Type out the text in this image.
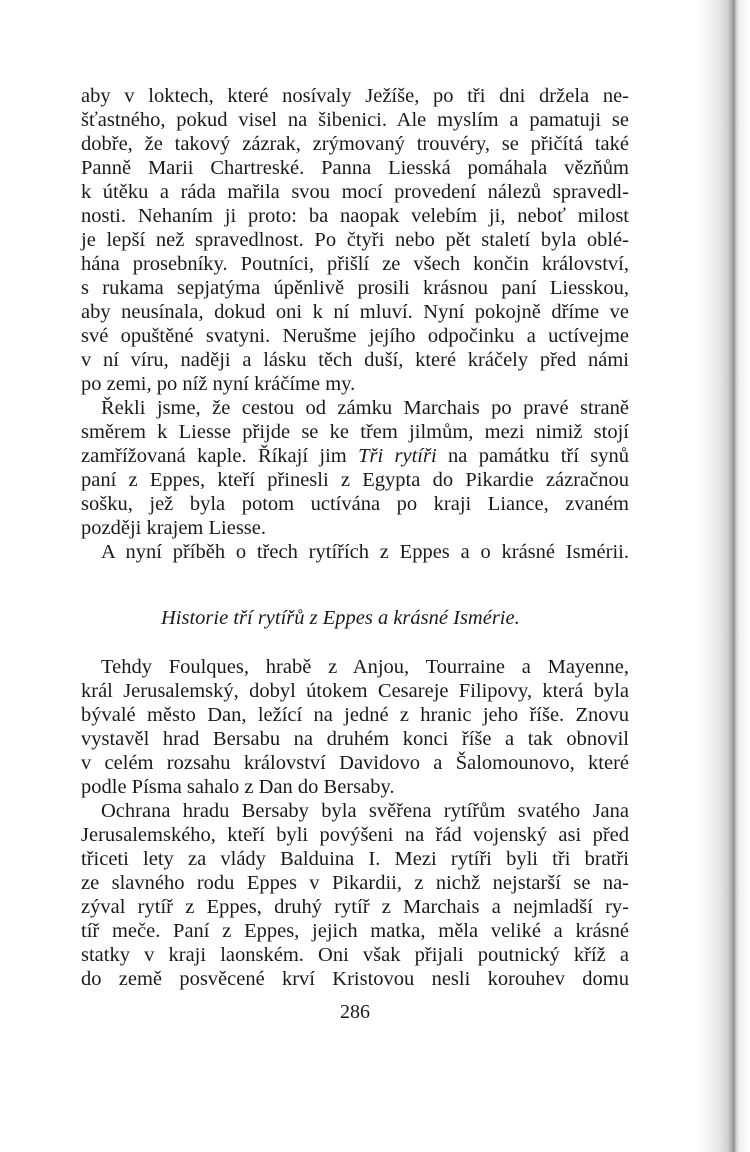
aby v loktech, které nosívaly Ježíše, po tři dni držela ne-
šťastného, pokud visel na šibenici. Ale myslím a pamatuji se
dobře, že takový zázrak, zrýmovaný trouvéry, se přičítá také
Panně Marii Chartreské. Panna Liesská pomáhala vězňům
k útěku a ráda mařila svou mocí provedení nálezů spravedl-
nosti. Nehaním ji proto: ba naopak velebím ji, neboť milost
je lepší než spravedlnost. Po čtyři nebo pět staletí byla oblé-
hána prosebníky. Poutníci, přišlí ze všech končin království,
s rukama sepjatýma úpěnlivě prosili krásnou paní Liesskou,
aby neusínala, dokud oni k ní mluví. Nyní pokojně dříme ve
své opuštěné svatyni. Nerušme jejího odpočinku a uctívejme
v ní víru, naději a lásku těch duší, které kráčely před námi
po zemi, po níž nyní kráčíme my.
Řekli jsme, že cestou od zámku Marchais po pravé straně
směrem k Liesse přijde se ke třem jilmům, mezi nimiž stojí
zamřížovaná kaple. Říkají jim Tři rytíři na památku tří synů
paní z Eppes, kteří přinesli z Egypta do Pikardie zázračnou
sošku, jež byla potom uctívána po kraji Liance, zvaném
později krajem Liesse.
A nyní příběh o třech rytířích z Eppes a o krásné Ismérii.
Historie tří rytířů z Eppes a krásné Ismérie.
Tehdy Foulques, hrabě z Anjou, Tourraine a Mayenne,
král Jerusalemský, dobyl útokem Cesareje Filipovy, která byla
bývalé město Dan, ležící na jedné z hranic jeho říše. Znovu
vystavěl hrad Bersabu na druhém konci říše a tak obnovil
v celém rozsahu království Davidovo a Šalomounovo, které
podle Písma sahalo z Dan do Bersaby.
Ochrana hradu Bersaby byla svěřena rytířům svatého Jana
Jerusalemského, kteří byli povýšeni na řád vojenský asi před
třiceti lety za vlády Balduina I. Mezi rytíři byli tři bratři
ze slavného rodu Eppes v Pikardii, z nichž nejstarší se na-
zýval rytíř z Eppes, druhý rytíř z Marchais a nejmladší ry-
tíř meče. Paní z Eppes, jejich matka, měla veliké a krásné
statky v kraji laonském. Oni však přijali poutnický kříž a
do země posvěcené krví Kristovou nesli korouhev domu
286
